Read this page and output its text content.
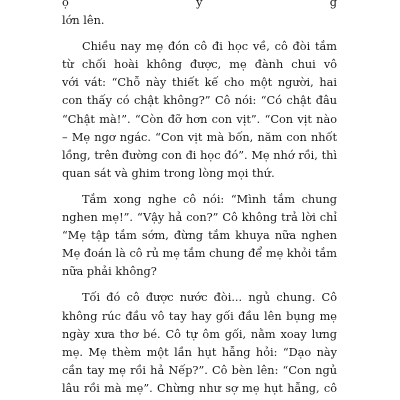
ọ y g
lớn lên.
Chiều nay mẹ đón cô đi học về, cô đòi tắm
từ chối hoài không được, mẹ đành chui vô
với vát: “Chỗ này thiết kế cho một người, hai
con thấy có chật không?” Cô nói: “Có chật đâu
“Chật mà!”. “Còn đỡ hơn con vịt”. “Con vịt nào
– Mẹ ngơ ngác. “Con vịt mà bốn, năm con nhốt
lồng, trên đường con đi học đó”. Mẹ nhớ rồi, thì
quan sát và ghim trong lòng mọi thứ.
Tắm xong nghe cô nói: “Mình tắm chung
nghen mẹ!”. “Vậy hả con?” Cô không trả lời chỉ
“Mẹ tập tắm sớm, đừng tắm khuya nữa nghen
Mẹ đoán là cô rủ mẹ tắm chung để mẹ khỏi tắm
nữa phải không?
Tối đó cô được nước đòi... ngủ chung. Cô
không rúc đầu vô tay hay gối đầu lên bụng mẹ
ngày xưa thơ bé. Cô tự ôm gối, nằm xoay lưng
mẹ. Mẹ thèm một lần hụt hẫng hỏi: “Dạo này
cần tay mẹ rồi hả Nếp?”. Cô bèn lên: “Con ngủ
lâu rồi mà mẹ”. Chừng như sợ mẹ hụt hẫng, cô
